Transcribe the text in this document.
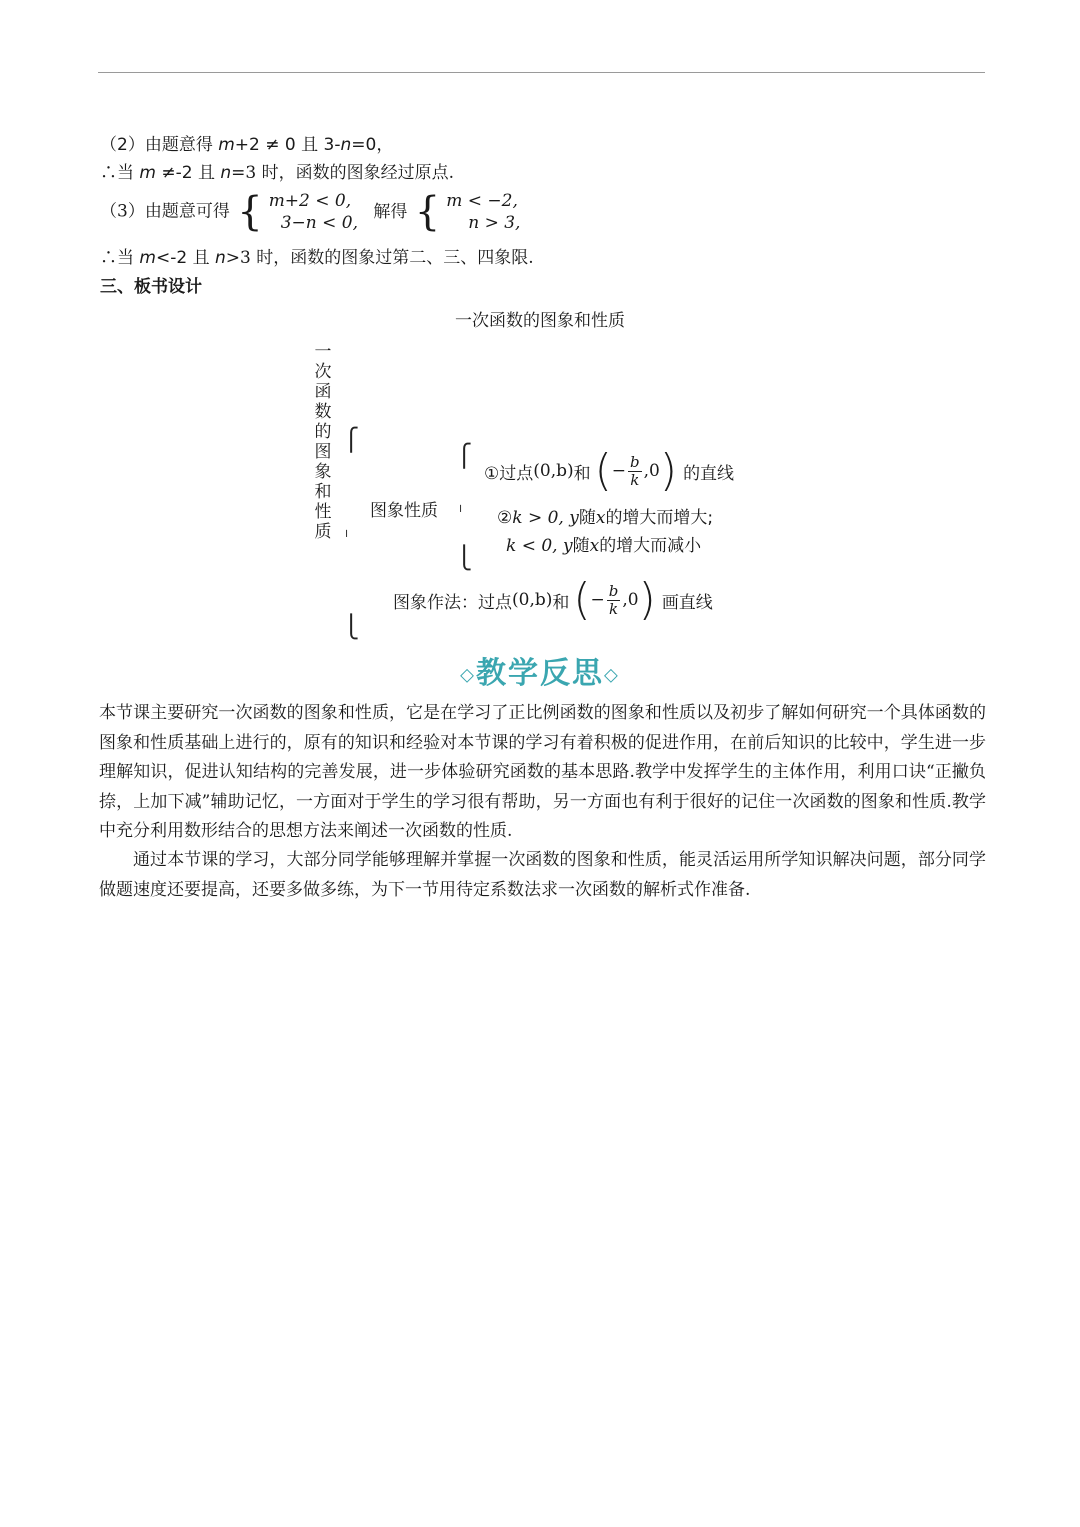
（2）由题意得 m+2 ≠ 0 且 3-n=0，
∴当 m ≠-2 且 n=3 时，函数的图象经过原点.
（3）由题意可得 { m+2 < 0,
3−n < 0,
解得 { m < −2,
n > 3,
∴当 m<-2 且 n>3 时，函数的图象过第二、三、四象限.
三、板书设计
一次函数的图象和性质
一
次
函
数
的
图
象
和
性
质
⎧
╵
⎩
⎧
╵
⎩
图象性质
①过点 (0,b) 和 ( − $\frac{b}{k} ,0$ ) 的直线
②k > 0, y随x的增大而增大;
k < 0, y随x的增大而减小
图象作法：过点 (0,b) 和 ( − $\frac{b}{k} ,0$ ) 画直线
◇教学反思◇
本节课主要研究一次函数的图象和性质，它是在学习了正比例函数的图象和性质以及初步了解如何研究一个具体函数的图象和性质基础上进行的，原有的知识和经验对本节课的学习有着积极的促进作用，在前后知识的比较中，学生进一步理解知识，促进认知结构的完善发展，进一步体验研究函数的基本思路.教学中发挥学生的主体作用，利用口诀“正撇负捺，上加下减”辅助记忆，一方面对于学生的学习很有帮助，另一方面也有利于很好的记住一次函数的图象和性质.教学中充分利用数形结合的思想方法来阐述一次函数的性质.
通过本节课的学习，大部分同学能够理解并掌握一次函数的图象和性质，能灵活运用所学知识解决问题，部分同学做题速度还要提高，还要多做多练，为下一节用待定系数法求一次函数的解析式作准备.
